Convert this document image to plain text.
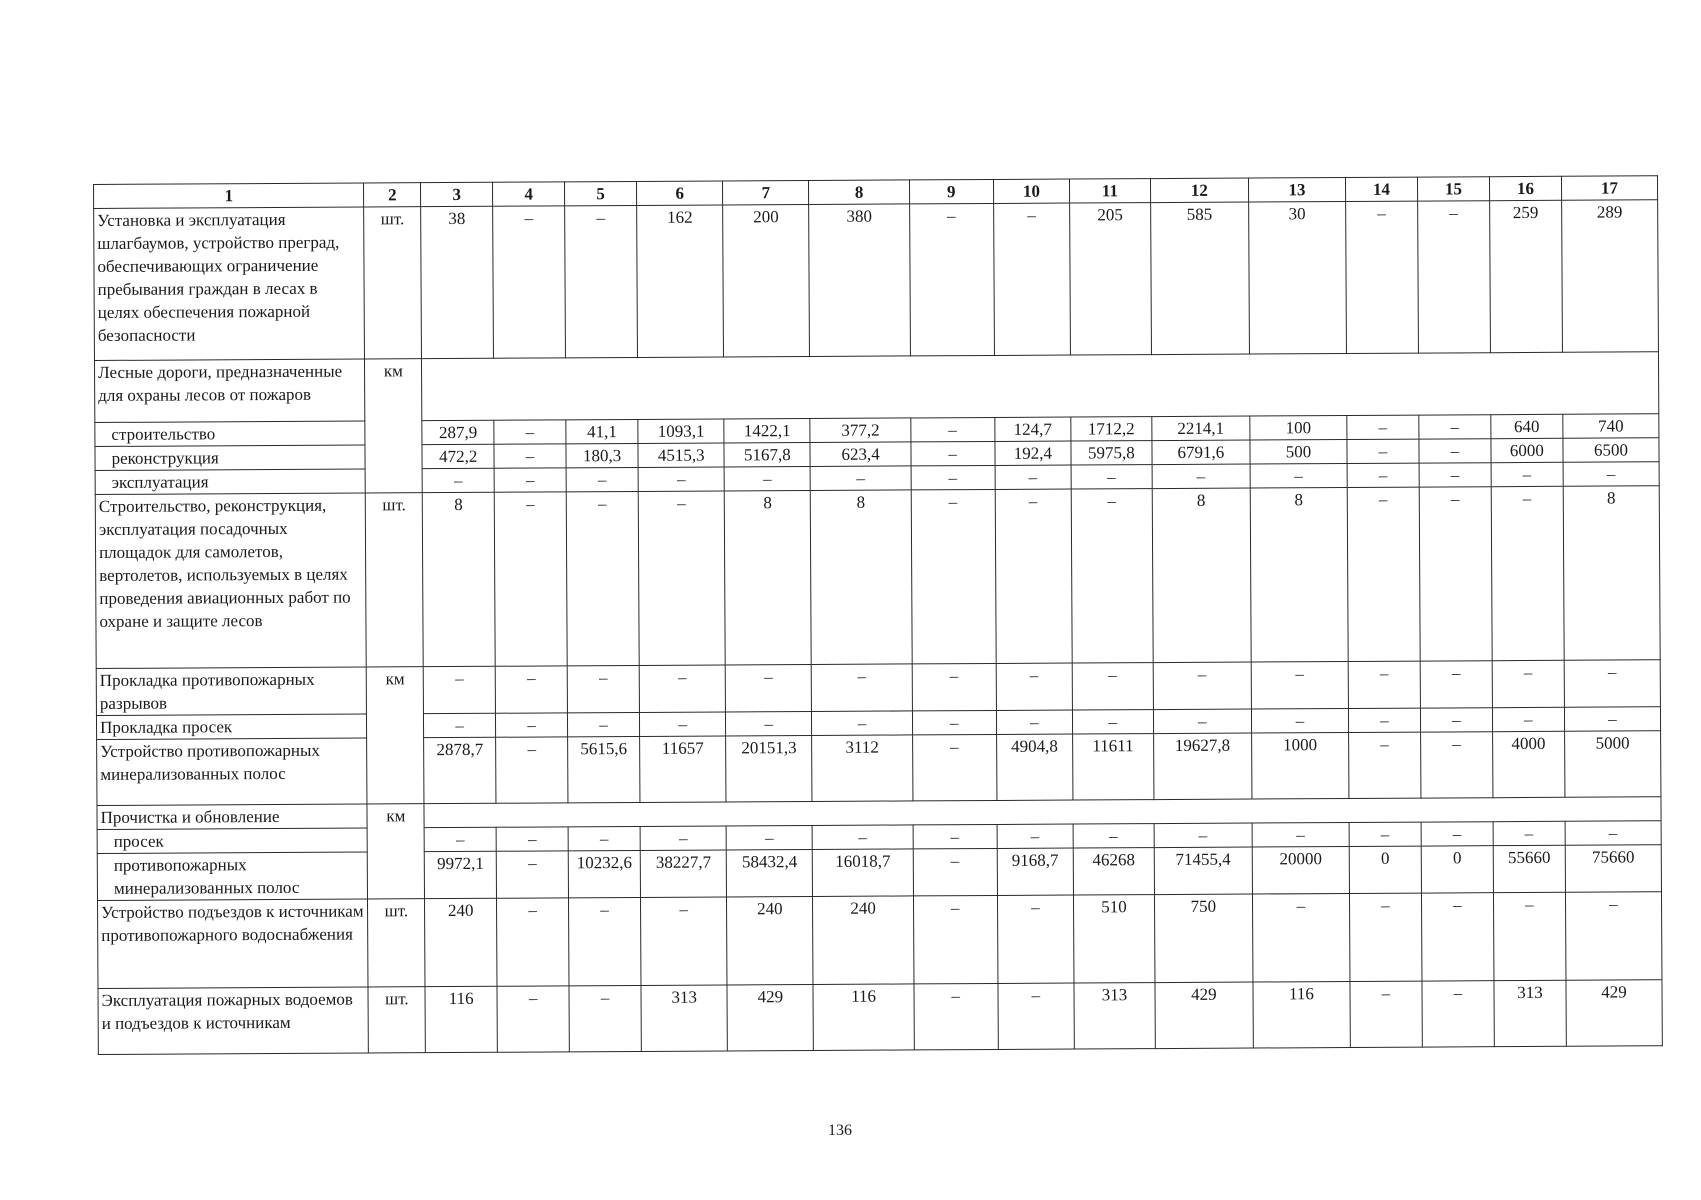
1	2	3	4	5	6	7	8	9	10	11	12	13	14	15	16	17
Установка и эксплуатация шлагбаумов, устройство преград, обеспечивающих ограничение пребывания граждан в лесах в целях обеспечения пожарной безопасности	шт.	38	–	–	162	200	380	–	–	205	585	30	–	–	259	289
Лесные дороги, предназначенные для охраны лесов от пожаров	км															
строительство		287,9	–	41,1	1093,1	1422,1	377,2	–	124,7	1712,2	2214,1	100	–	–	640	740
реконструкция		472,2	–	180,3	4515,3	5167,8	623,4	–	192,4	5975,8	6791,6	500	–	–	6000	6500
эксплуатация		–	–	–	–	–	–	–	–	–	–	–	–	–	–	–
Строительство, реконструкция, эксплуатация посадочных площадок для самолетов, вертолетов, используемых в целях проведения авиационных работ по охране и защите лесов	шт.	8	–	–	–	8	8	–	–	–	8	8	–	–	–	8
Прокладка противопожарных разрывов	км	–	–	–	–	–	–	–	–	–	–	–	–	–	–	–
Прокладка просек		–	–	–	–	–	–	–	–	–	–	–	–	–	–	–
Устройство противопожарных минерализованных полос		2878,7	–	5615,6	11657	20151,3	3112	–	4904,8	11611	19627,8	1000	–	–	4000	5000
Прочистка и обновление	км															
просек		–	–	–	–	–	–	–	–	–	–	–	–	–	–	–
противопожарных минерализованных полос		9972,1	–	10232,6	38227,7	58432,4	16018,7	–	9168,7	46268	71455,4	20000	0	0	55660	75660
Устройство подъездов к источникам противопожарного водоснабжения	шт.	240	–	–	–	240	240	–	–	510	750	–	–	–	–	–
Эксплуатация пожарных водоемов и подъездов к источникам	шт.	116	–	–	313	429	116	–	–	313	429	116	–	–	313	429
136
